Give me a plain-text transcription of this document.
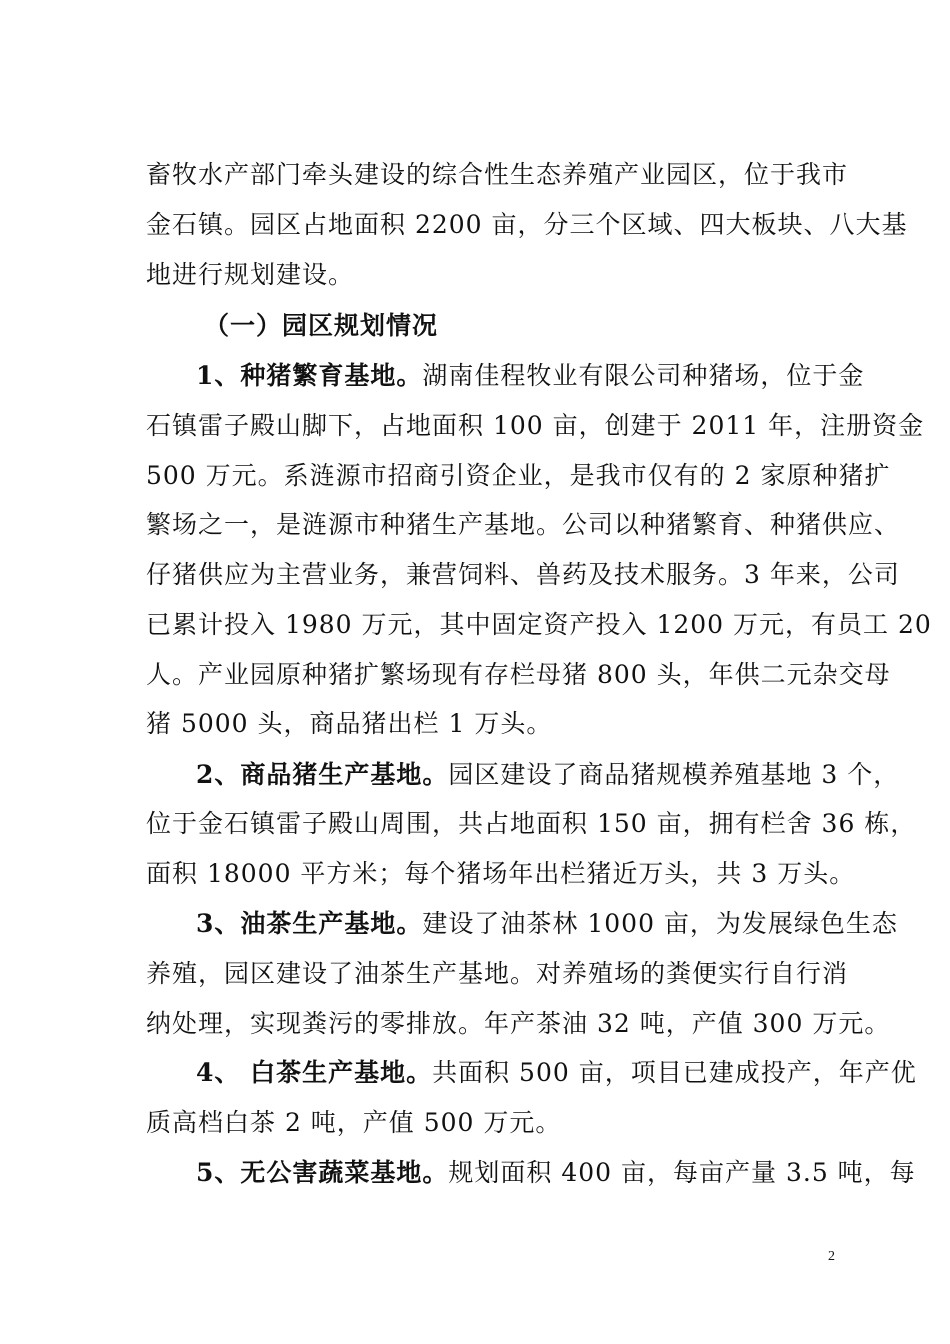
畜牧水产部门牵头建设的综合性生态养殖产业园区，位于我市
金石镇。园区占地面积 2200 亩，分三个区域、四大板块、八大基
地进行规划建设。
（一）园区规划情况
1、种猪繁育基地。湖南佳程牧业有限公司种猪场，位于金
石镇雷子殿山脚下，占地面积 100 亩，创建于 2011 年，注册资金
500 万元。系涟源市招商引资企业，是我市仅有的 2 家原种猪扩
繁场之一，是涟源市种猪生产基地。公司以种猪繁育、种猪供应、
仔猪供应为主营业务，兼营饲料、兽药及技术服务。3 年来，公司
已累计投入 1980 万元，其中固定资产投入 1200 万元，有员工 20
人。产业园原种猪扩繁场现有存栏母猪 800 头，年供二元杂交母
猪 5000 头，商品猪出栏 1 万头。
2、商品猪生产基地。园区建设了商品猪规模养殖基地 3 个，
位于金石镇雷子殿山周围，共占地面积 150 亩，拥有栏舍 36 栋，
面积 18000 平方米；每个猪场年出栏猪近万头，共 3 万头。
3、油茶生产基地。建设了油茶林 1000 亩，为发展绿色生态
养殖，园区建设了油茶生产基地。对养殖场的粪便实行自行消
纳处理，实现粪污的零排放。年产茶油 32 吨，产值 300 万元。
4、 白茶生产基地。共面积 500 亩，项目已建成投产，年产优
质高档白茶 2 吨，产值 500 万元。
5、无公害蔬菜基地。规划面积 400 亩，每亩产量 3.5 吨，每
2
